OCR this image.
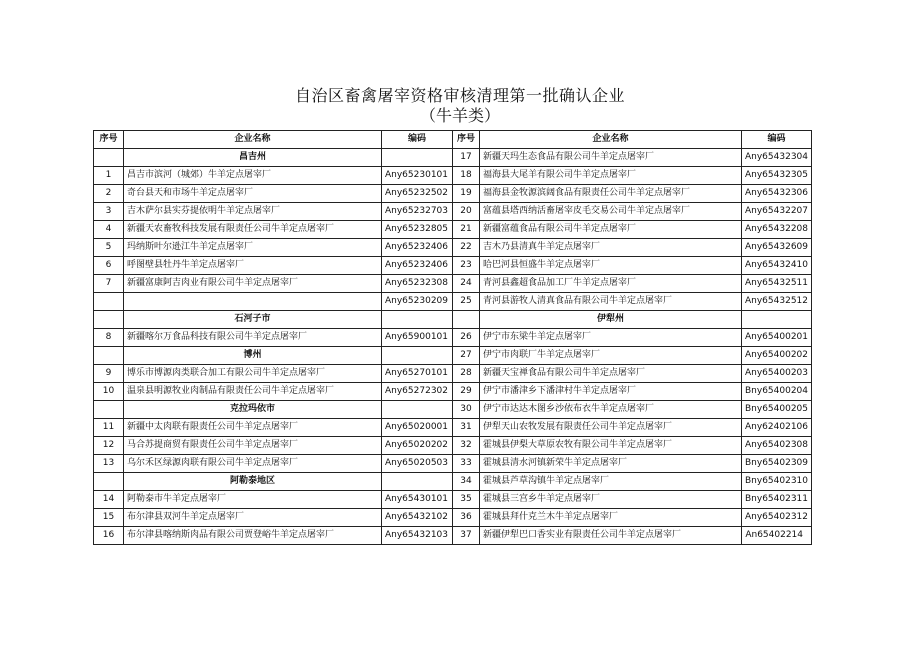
自治区畜禽屠宰资格审核清理第一批确认企业
（牛羊类）
序号	企业名称	编码	序号	企业名称	编码
	昌吉州		17	新疆天玛生态食品有限公司牛羊定点屠宰厂	Any65432304
1	昌吉市滨河（城郊）牛羊定点屠宰厂	Any65230101	18	福海县大尾羊有限公司牛羊定点屠宰厂	Any65432305
2	奇台县天和市场牛羊定点屠宰厂	Any65232502	19	福海县金牧源滨阔食品有限责任公司牛羊定点屠宰厂	Any65432306
3	吉木萨尔县实芬提依明牛羊定点屠宰厂	Any65232703	20	富蕴县塔西纳活畜屠宰皮毛交易公司牛羊定点屠宰厂	Any65432207
4	新疆天农畜牧科技发展有限责任公司牛羊定点屠宰厂	Any65232805	21	新疆富蕴食品有限公司牛羊定点屠宰厂	Any65432208
5	玛纳斯叶尔逊江牛羊定点屠宰厂	Any65232406	22	吉木乃县清真牛羊定点屠宰厂	Any65432609
6	呼图壁县牡丹牛羊定点屠宰厂	Any65232406	23	哈巴河县恒盛牛羊定点屠宰厂	Any65432410
7	新疆富康阿吉肉业有限公司牛羊定点屠宰厂	Any65232308	24	青河县鑫超食品加工厂牛羊定点屠宰厂	Any65432511
		Any65230209	25	青河县游牧人清真食品有限公司牛羊定点屠宰厂	Any65432512
	石河子市			伊犁州	
8	新疆喀尔万食品科技有限公司牛羊定点屠宰厂	Any65900101	26	伊宁市东梁牛羊定点屠宰厂	Any65400201
	博州		27	伊宁市肉联厂牛羊定点屠宰厂	Any65400202
9	博乐市博源肉类联合加工有限公司牛羊定点屠宰厂	Any65270101	28	新疆天宝禅食品有限公司牛羊定点屠宰厂	Any65400203
10	温泉县明源牧业肉制品有限责任公司牛羊定点屠宰厂	Any65272302	29	伊宁市潘津乡下潘津村牛羊定点屠宰厂	Bny65400204
	克拉玛依市		30	伊宁市达达木图乡沙依布衣牛羊定点屠宰厂	Bny65400205
11	新疆中太肉联有限责任公司牛羊定点屠宰厂	Any65020001	31	伊犁天山农牧发展有限责任公司牛羊定点屠宰厂	Any62402106
12	马合苏提商贸有限责任公司牛羊定点屠宰厂	Any65020202	32	霍城县伊梨大草原农牧有限公司牛羊定点屠宰厂	Any65402308
13	乌尔禾区绿源肉联有限公司牛羊定点屠宰厂	Any65020503	33	霍城县清水河镇新荣牛羊定点屠宰厂	Bny65402309
	阿勒泰地区		34	霍城县芦草沟镇牛羊定点屠宰厂	Bny65402310
14	阿勒泰市牛羊定点屠宰厂	Any65430101	35	霍城县三宫乡牛羊定点屠宰厂	Bny65402311
15	布尔津县双河牛羊定点屠宰厂	Any65432102	36	霍城县拜什克兰木牛羊定点屠宰厂	Any65402312
16	布尔津县喀纳斯肉品有限公司贾登峪牛羊定点屠宰厂	Any65432103	37	新疆伊犁巴口香实业有限责任公司牛羊定点屠宰厂	An65402214
